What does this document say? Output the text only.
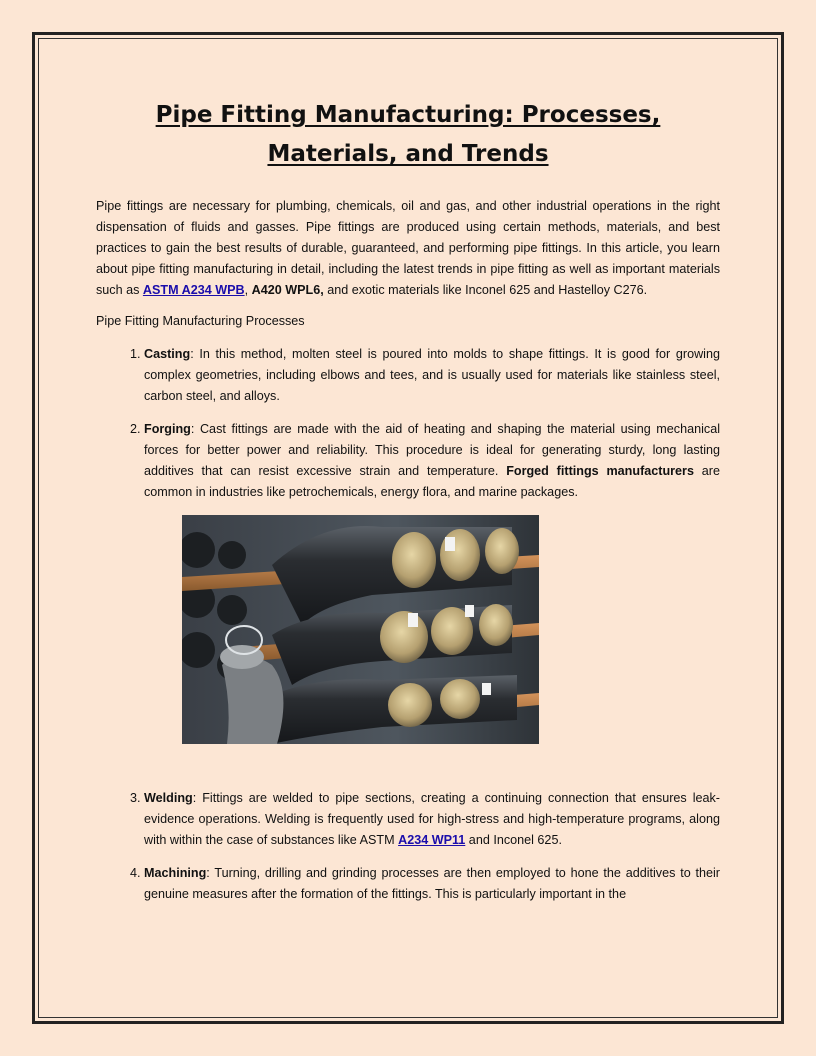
Pipe Fitting Manufacturing: Processes,
Materials, and Trends

Pipe fittings are necessary for plumbing, chemicals, oil and gas, and other industrial operations in the right dispensation of fluids and gasses. Pipe fittings are produced using certain methods, materials, and best practices to gain the best results of durable, guaranteed, and performing pipe fittings. In this article, you learn about pipe fitting manufacturing in detail, including the latest trends in pipe fitting as well as important materials such as ASTM A234 WPB, A420 WPL6, and exotic materials like Inconel 625 and Hastelloy C276.

Pipe Fitting Manufacturing Processes

1. Casting: In this method, molten steel is poured into molds to shape fittings. It is good for growing complex geometries, including elbows and tees, and is usually used for materials like stainless steel, carbon steel, and alloys.
2. Forging: Cast fittings are made with the aid of heating and shaping the material using mechanical forces for better power and reliability. This procedure is ideal for generating sturdy, long lasting additives that can resist excessive strain and temperature. Forged fittings manufacturers are common in industries like petrochemicals, energy flora, and marine packages.
3. Welding: Fittings are welded to pipe sections, creating a continuing connection that ensures leak-evidence operations. Welding is frequently used for high-stress and high-temperature programs, along with within the case of substances like ASTM A234 WP11 and Inconel 625.
4. Machining: Turning, drilling and grinding processes are then employed to hone the additives to their genuine measures after the formation of the fittings. This is particularly important in the
